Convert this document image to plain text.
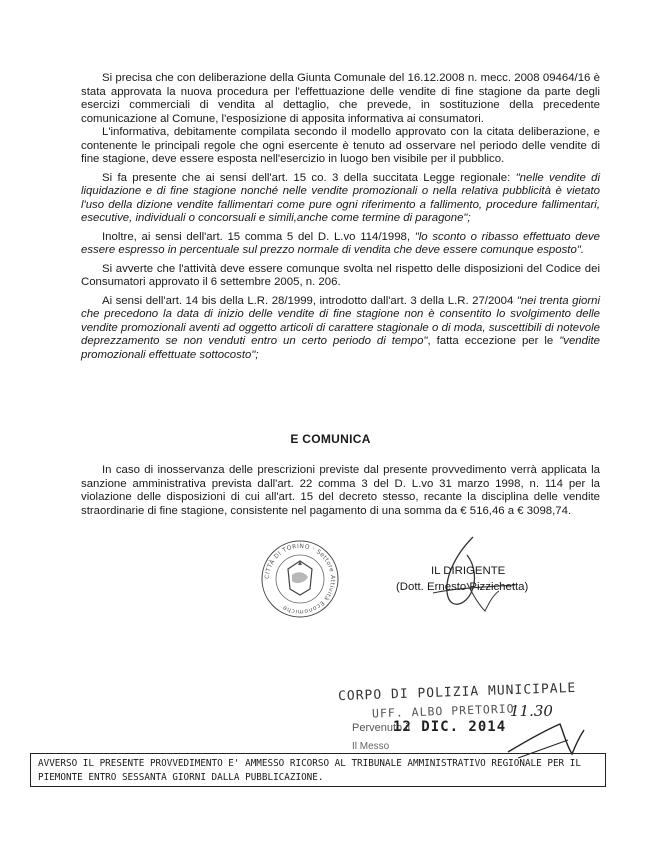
Si precisa che con deliberazione della Giunta Comunale del 16.12.2008 n. mecc. 2008 09464/16 è stata approvata la nuova procedura per l'effettuazione delle vendite di fine stagione da parte degli esercizi commerciali di vendita al dettaglio, che prevede, in sostituzione della precedente comunicazione al Comune, l'esposizione di apposita informativa ai consumatori.

L'informativa, debitamente compilata secondo il modello approvato con la citata deliberazione, e contenente le principali regole che ogni esercente è tenuto ad osservare nel periodo delle vendite di fine stagione, deve essere esposta nell'esercizio in luogo ben visibile per il pubblico.

Si fa presente che ai sensi dell'art. 15 co. 3 della succitata Legge regionale: "nelle vendite di liquidazione e di fine stagione nonché nelle vendite promozionali o nella relativa pubblicità è vietato l'uso della dizione vendite fallimentari come pure ogni riferimento a fallimento, procedure fallimentari, esecutive, individuali o concorsuali e simili,anche come termine di paragone";

Inoltre, ai sensi dell'art. 15 comma 5 del D. L.vo 114/1998, "lo sconto o ribasso effettuato deve essere espresso in percentuale sul prezzo normale di vendita che deve essere comunque esposto".

Si avverte che l'attività deve essere comunque svolta nel rispetto delle disposizioni del Codice dei Consumatori approvato il 6 settembre 2005, n. 206.

Ai sensi dell'art. 14 bis della L.R. 28/1999, introdotto dall'art. 3 della L.R. 27/2004 "nei trenta giorni che precedono la data di inizio delle vendite di fine stagione non è consentito lo svolgimento delle vendite promozionali aventi ad oggetto articoli di carattere stagionale o di moda, suscettibili di notevole deprezzamento se non venduti entro un certo periodo di tempo", fatta eccezione per le "vendite promozionali effettuate sottocosto";

E COMUNICA

In caso di inosservanza delle prescrizioni previste dal presente provvedimento verrà applicata la sanzione amministrativa prevista dall'art. 22 comma 3 del D. L.vo 31 marzo 1998, n. 114 per la violazione delle disposizioni di cui all'art. 15 del decreto stesso, recante la disciplina delle vendite straordinarie di fine stagione, consistente nel pagamento di una somma da € 516,46 a € 3098,74.

CITTÀ DI TORINO · Settore Attività Economiche
IL DIRIGENTE
(Dott. Ernesto Pizzichetta)
CORPO DI POLIZIA MUNICIPALE
UFF. ALBO PRETORIO
Pervenuto il
12 DIC. 2014
Il Messo
11.30
AVVERSO IL PRESENTE PROVVEDIMENTO E' AMMESSO RICORSO AL TRIBUNALE AMMINISTRATIVO REGIONALE PER IL
PIEMONTE ENTRO SESSANTA GIORNI DALLA PUBBLICAZIONE.
